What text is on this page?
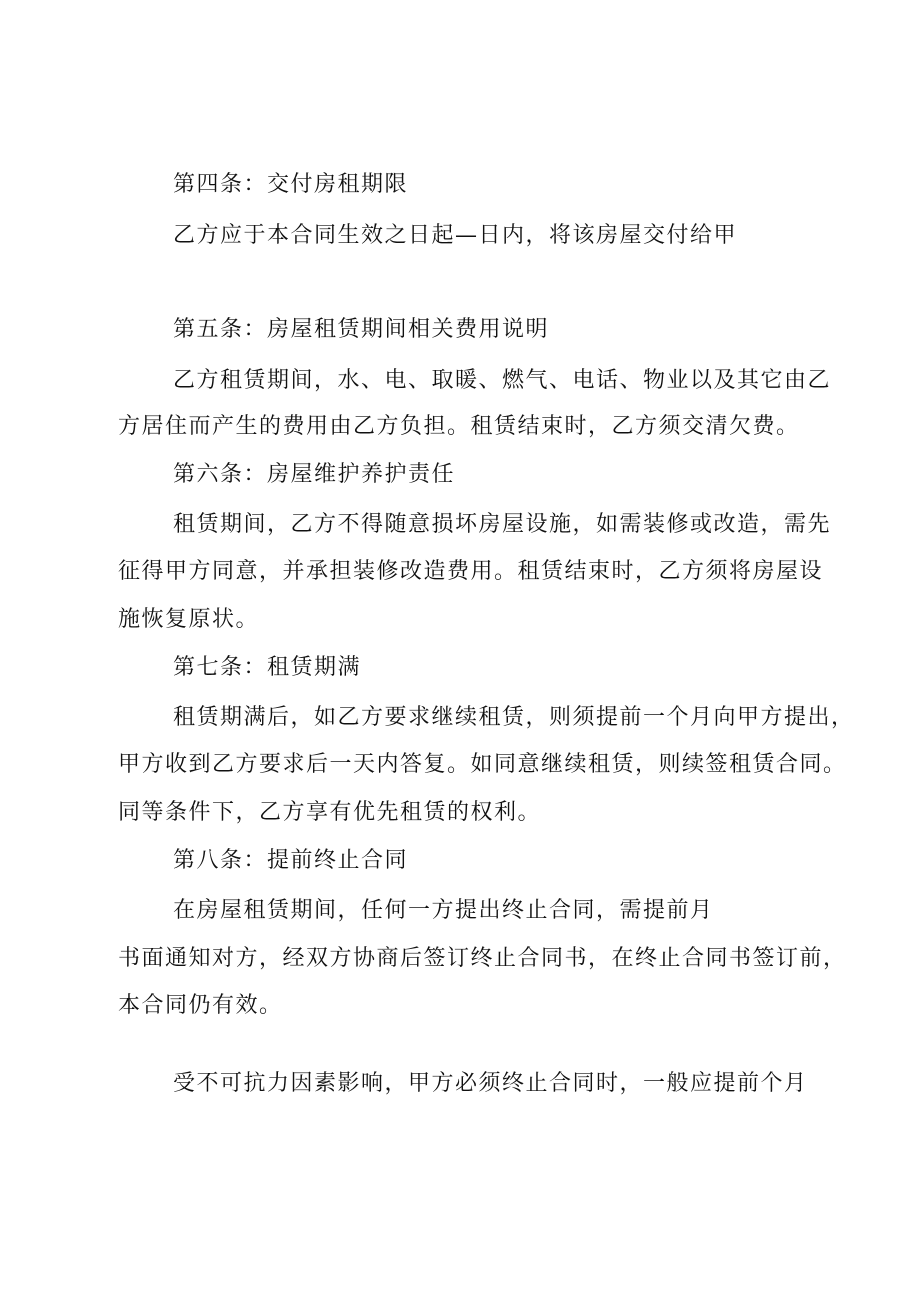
第四条：交付房租期限
乙方应于本合同生效之日起—日内，将该房屋交付给甲
第五条：房屋租赁期间相关费用说明
乙方租赁期间，水、电、取暖、燃气、电话、物业以及其它由乙
方居住而产生的费用由乙方负担。租赁结束时，乙方须交清欠费。
第六条：房屋维护养护责任
租赁期间，乙方不得随意损坏房屋设施，如需装修或改造，需先
征得甲方同意，并承担装修改造费用。租赁结束时，乙方须将房屋设
施恢复原状。
第七条：租赁期满
租赁期满后，如乙方要求继续租赁，则须提前一个月向甲方提出，
甲方收到乙方要求后一天内答复。如同意继续租赁，则续签租赁合同。
同等条件下，乙方享有优先租赁的权利。
第八条：提前终止合同
在房屋租赁期间，任何一方提出终止合同，需提前月
书面通知对方，经双方协商后签订终止合同书，在终止合同书签订前，
本合同仍有效。
受不可抗力因素影响，甲方必须终止合同时，一般应提前个月
